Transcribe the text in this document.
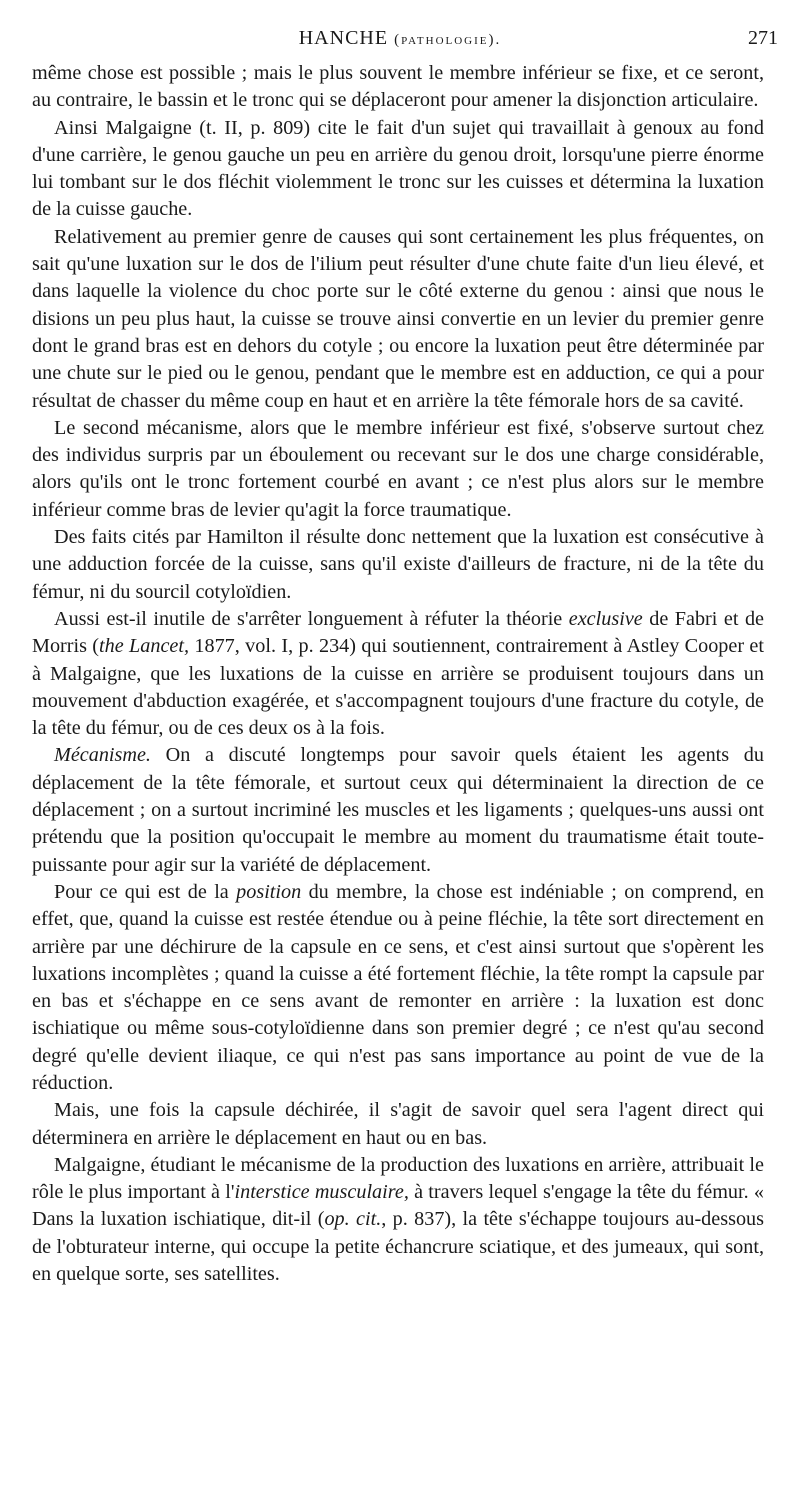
HANCHE (pathologie).	271

même chose est possible ; mais le plus souvent le membre inférieur se fixe, et ce seront, au contraire, le bassin et le tronc qui se déplaceront pour amener la disjonction articulaire.

Ainsi Malgaigne (t. II, p. 809) cite le fait d'un sujet qui travaillait à genoux au fond d'une carrière, le genou gauche un peu en arrière du genou droit, lorsqu'une pierre énorme lui tombant sur le dos fléchit violemment le tronc sur les cuisses et détermina la luxation de la cuisse gauche.

Relativement au premier genre de causes qui sont certainement les plus fréquentes, on sait qu'une luxation sur le dos de l'ilium peut résulter d'une chute faite d'un lieu élevé, et dans laquelle la violence du choc porte sur le côté externe du genou : ainsi que nous le disions un peu plus haut, la cuisse se trouve ainsi convertie en un levier du premier genre dont le grand bras est en dehors du cotyle ; ou encore la luxation peut être déterminée par une chute sur le pied ou le genou, pendant que le membre est en adduction, ce qui a pour résultat de chasser du même coup en haut et en arrière la tête fémorale hors de sa cavité.

Le second mécanisme, alors que le membre inférieur est fixé, s'observe surtout chez des individus surpris par un éboulement ou recevant sur le dos une charge considérable, alors qu'ils ont le tronc fortement courbé en avant ; ce n'est plus alors sur le membre inférieur comme bras de levier qu'agit la force traumatique.

Des faits cités par Hamilton il résulte donc nettement que la luxation est consécutive à une adduction forcée de la cuisse, sans qu'il existe d'ailleurs de fracture, ni de la tête du fémur, ni du sourcil cotyloïdien.

Aussi est-il inutile de s'arrêter longuement à réfuter la théorie exclusive de Fabri et de Morris (the Lancet, 1877, vol. I, p. 234) qui soutiennent, contrairement à Astley Cooper et à Malgaigne, que les luxations de la cuisse en arrière se produisent toujours dans un mouvement d'abduction exagérée, et s'accompagnent toujours d'une fracture du cotyle, de la tête du fémur, ou de ces deux os à la fois.

Mécanisme. On a discuté longtemps pour savoir quels étaient les agents du déplacement de la tête fémorale, et surtout ceux qui déterminaient la direction de ce déplacement ; on a surtout incriminé les muscles et les ligaments ; quelques-uns aussi ont prétendu que la position qu'occupait le membre au moment du traumatisme était toute-puissante pour agir sur la variété de déplacement.

Pour ce qui est de la position du membre, la chose est indéniable ; on comprend, en effet, que, quand la cuisse est restée étendue ou à peine fléchie, la tête sort directement en arrière par une déchirure de la capsule en ce sens, et c'est ainsi surtout que s'opèrent les luxations incomplètes ; quand la cuisse a été fortement fléchie, la tête rompt la capsule par en bas et s'échappe en ce sens avant de remonter en arrière : la luxation est donc ischiatique ou même sous-cotyloïdienne dans son premier degré ; ce n'est qu'au second degré qu'elle devient iliaque, ce qui n'est pas sans importance au point de vue de la réduction.

Mais, une fois la capsule déchirée, il s'agit de savoir quel sera l'agent direct qui déterminera en arrière le déplacement en haut ou en bas.

Malgaigne, étudiant le mécanisme de la production des luxations en arrière, attribuait le rôle le plus important à l'interstice musculaire, à travers lequel s'engage la tête du fémur. « Dans la luxation ischiatique, dit-il (op. cit., p. 837), la tête s'échappe toujours au-dessous de l'obturateur interne, qui occupe la petite échancrure sciatique, et des jumeaux, qui sont, en quelque sorte, ses satellites.
